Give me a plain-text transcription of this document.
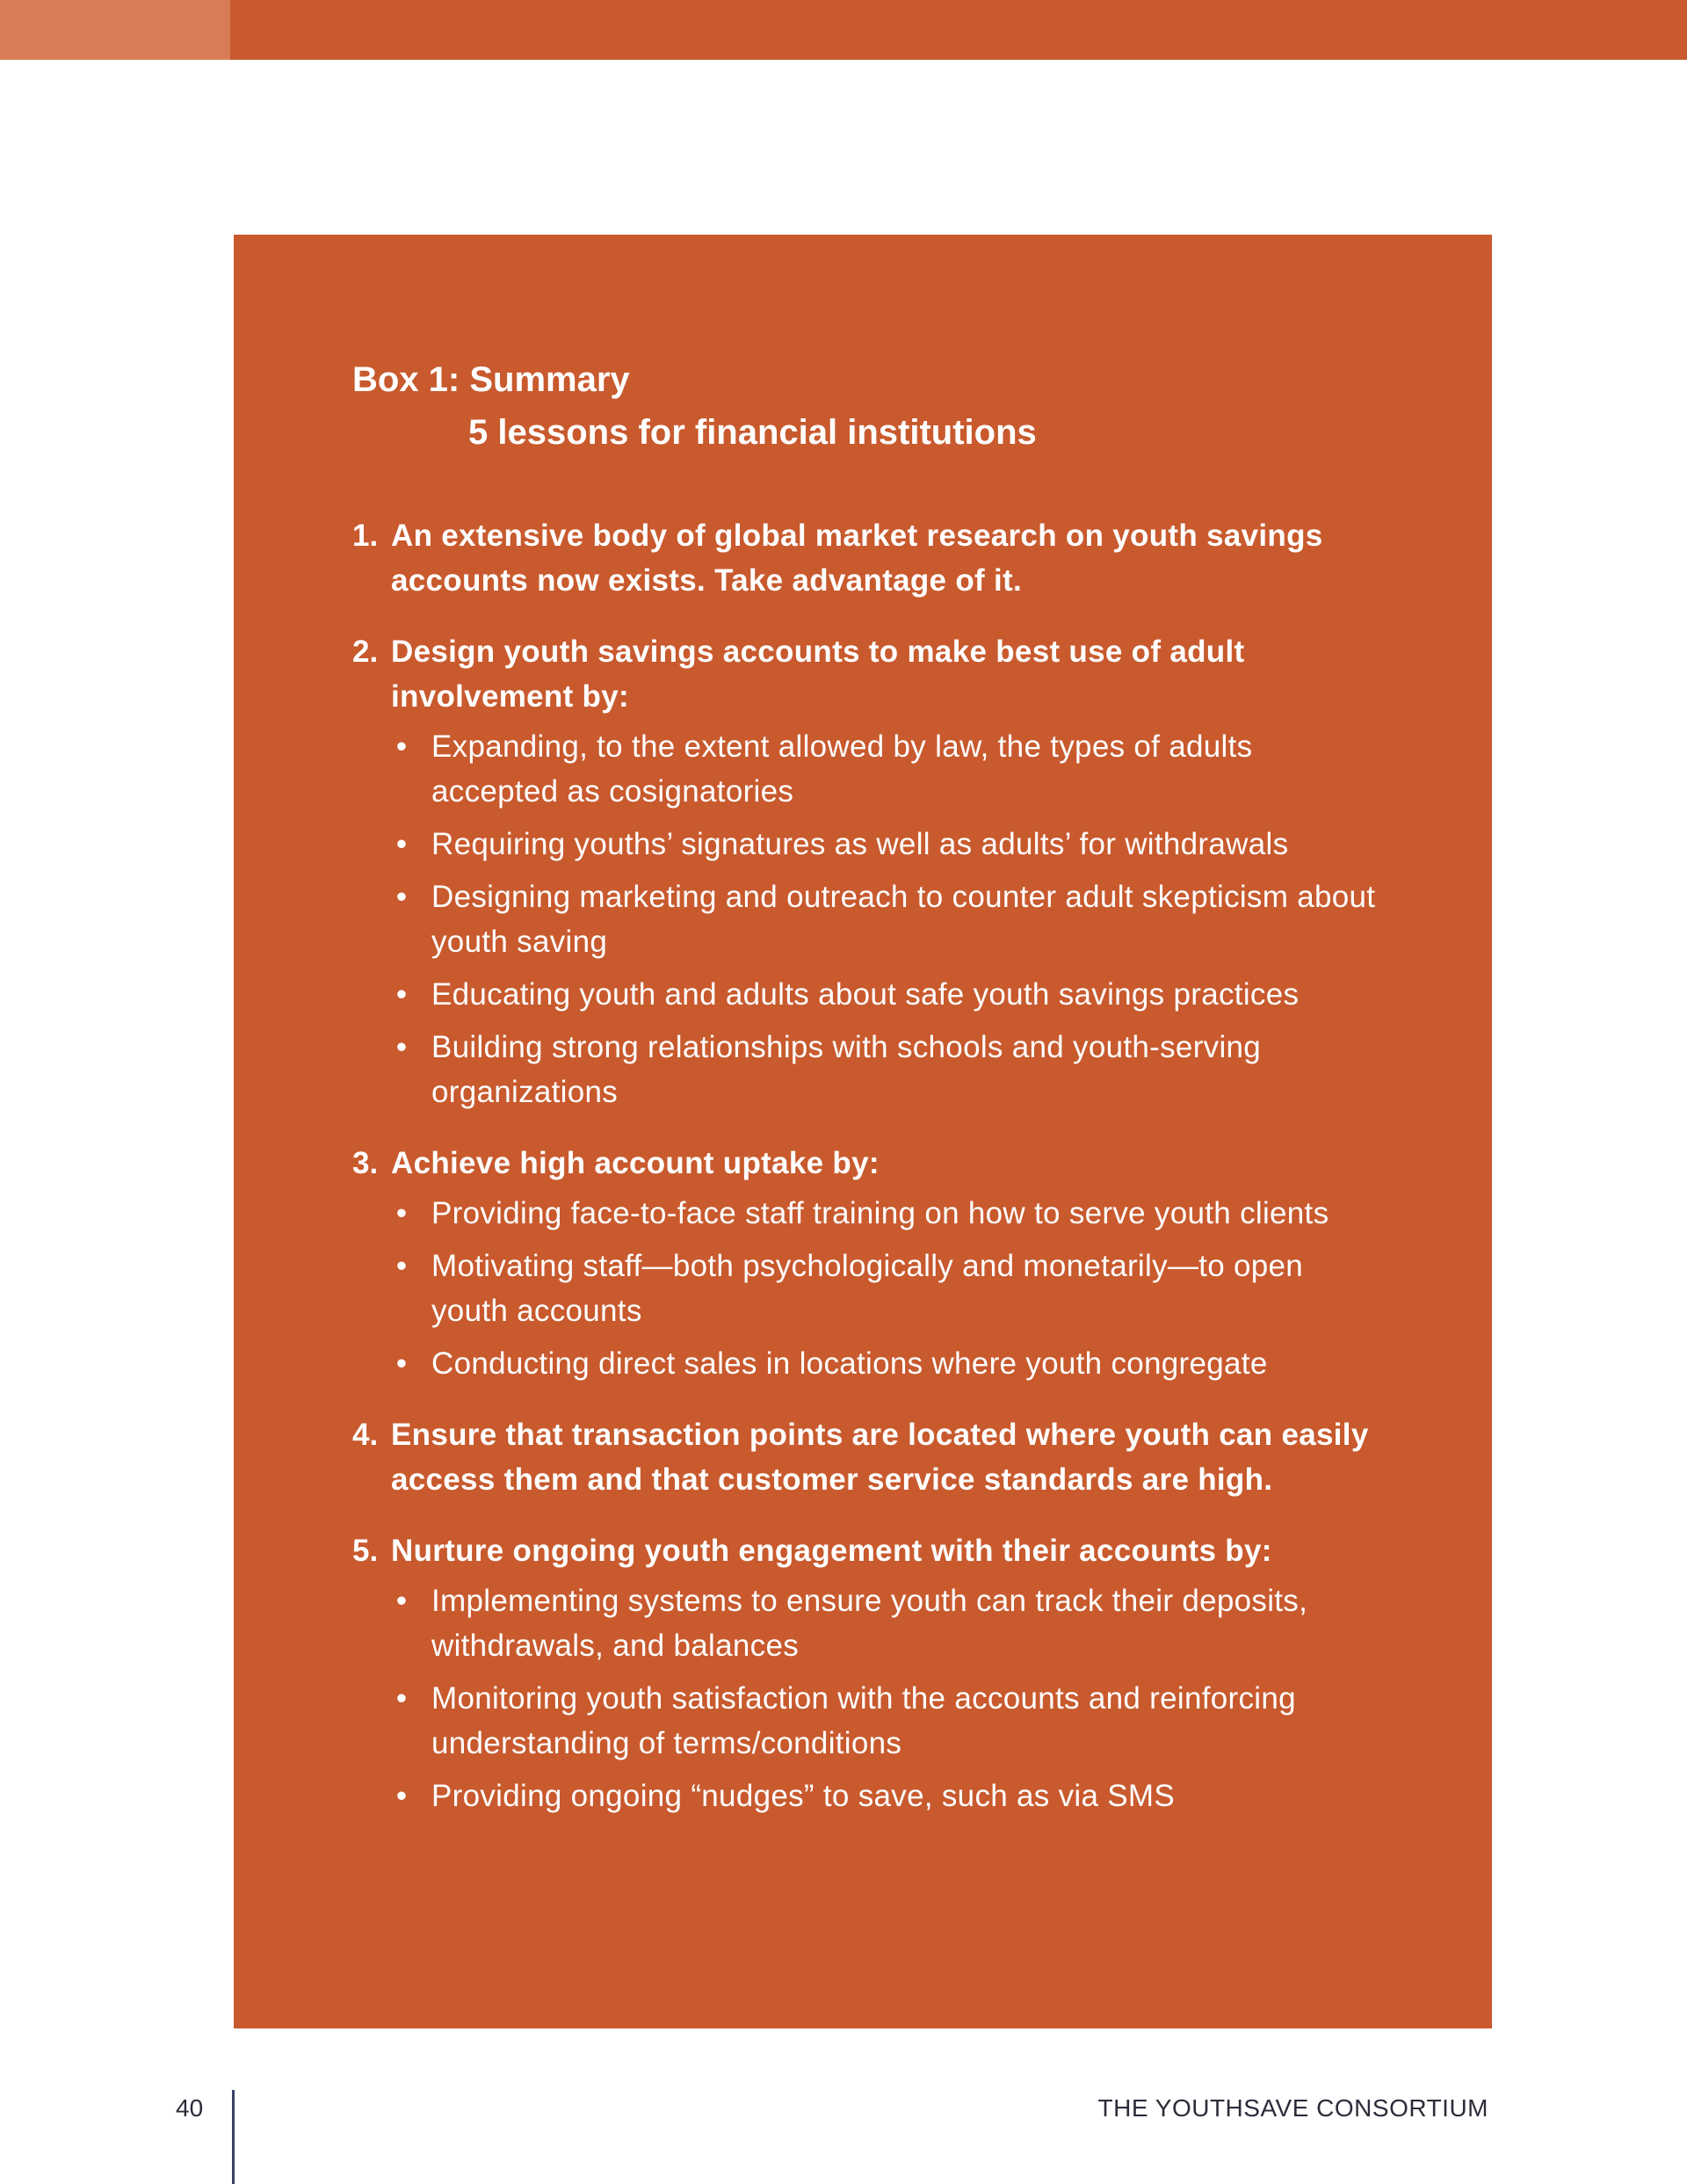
Box 1: Summary
5 lessons for financial institutions
1. An extensive body of global market research on youth savings accounts now exists. Take advantage of it.
2. Design youth savings accounts to make best use of adult involvement by:
• Expanding, to the extent allowed by law, the types of adults accepted as cosignatories
• Requiring youths’ signatures as well as adults’ for withdrawals
• Designing marketing and outreach to counter adult skepticism about youth saving
• Educating youth and adults about safe youth savings practices
• Building strong relationships with schools and youth-serving organizations
3. Achieve high account uptake by:
• Providing face-to-face staff training on how to serve youth clients
• Motivating staff—both psychologically and monetarily—to open youth accounts
• Conducting direct sales in locations where youth congregate
4. Ensure that transaction points are located where youth can easily access them and that customer service standards are high.
5. Nurture ongoing youth engagement with their accounts by:
• Implementing systems to ensure youth can track their deposits, withdrawals, and balances
• Monitoring youth satisfaction with the accounts and reinforcing understanding of terms/conditions
• Providing ongoing “nudges” to save, such as via SMS
40	THE YOUTHSAVE CONSORTIUM
